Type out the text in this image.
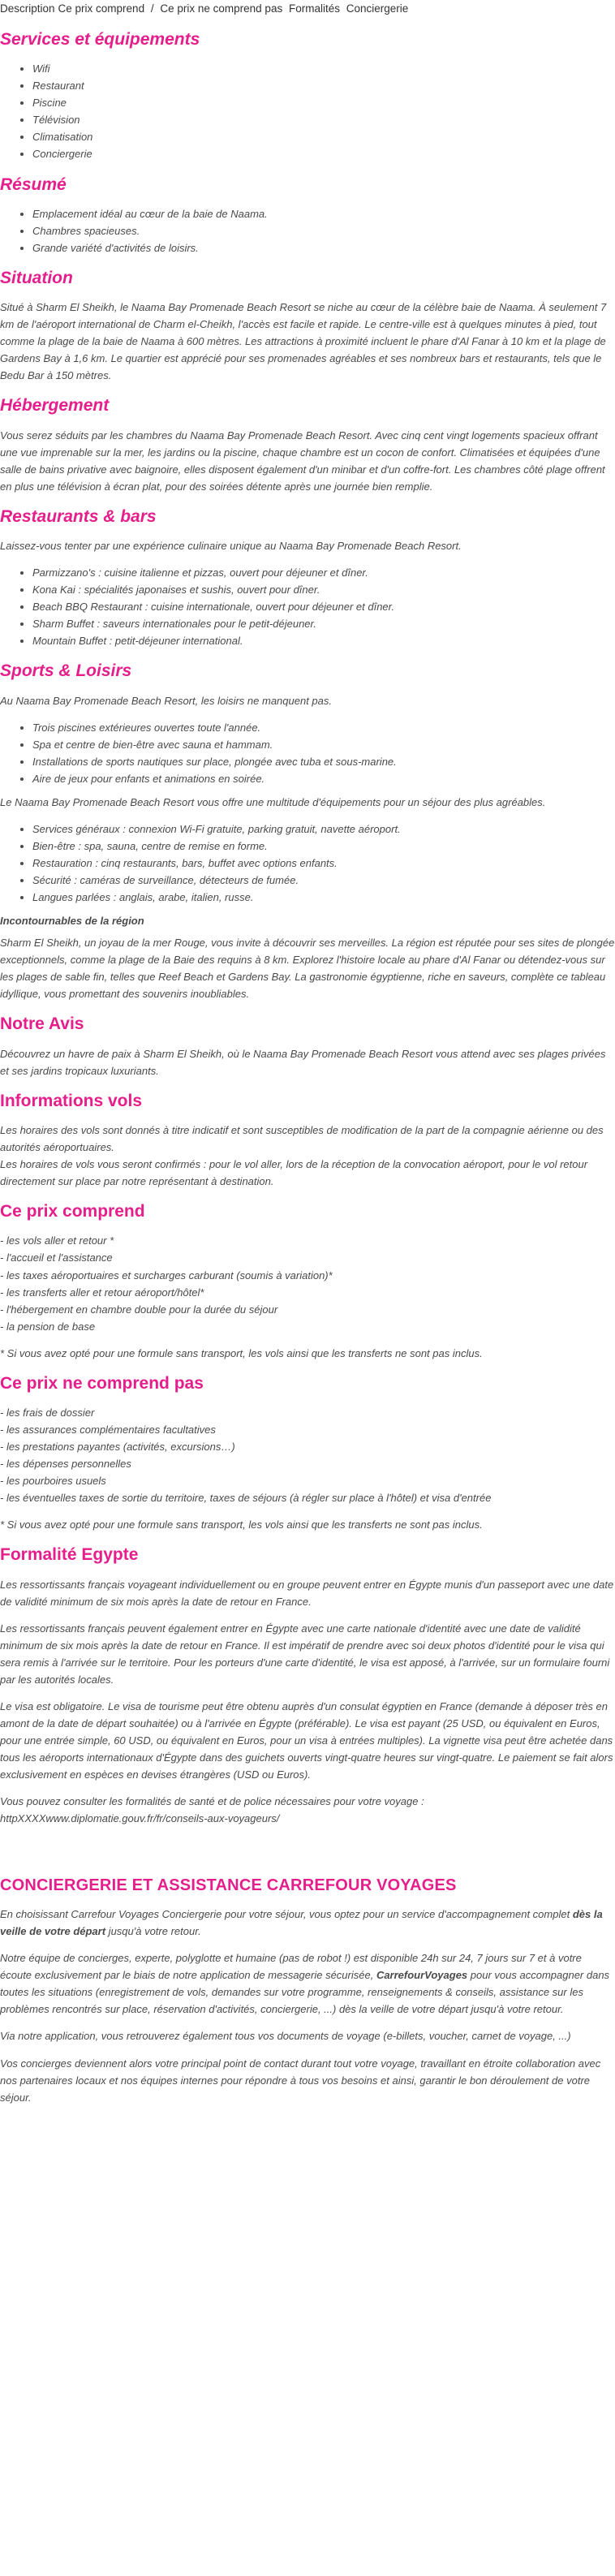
Description Ce prix comprend / Ce prix ne comprend pas Formalités Conciergerie
Services et équipements
• Wifi
• Restaurant
• Piscine
• Télévision
• Climatisation
• Conciergerie
Résumé
• Emplacement idéal au cœur de la baie de Naama.
• Chambres spacieuses.
• Grande variété d'activités de loisirs.
Situation

Situé à Sharm El Sheikh, le Naama Bay Promenade Beach Resort se niche au cœur de la célèbre baie de Naama. À seulement 7 km de l'aéroport international de Charm el-Cheikh, l'accès est facile et rapide. Le centre-ville est à quelques minutes à pied, tout comme la plage de la baie de Naama à 600 mètres. Les attractions à proximité incluent le phare d'Al Fanar à 10 km et la plage de Gardens Bay à 1,6 km. Le quartier est apprécié pour ses promenades agréables et ses nombreux bars et restaurants, tels que le Bedu Bar à 150 mètres.

Hébergement

Vous serez séduits par les chambres du Naama Bay Promenade Beach Resort. Avec cinq cent vingt logements spacieux offrant une vue imprenable sur la mer, les jardins ou la piscine, chaque chambre est un cocon de confort. Climatisées et équipées d'une salle de bains privative avec baignoire, elles disposent également d'un minibar et d'un coffre-fort. Les chambres côté plage offrent en plus une télévision à écran plat, pour des soirées détente après une journée bien remplie.

Restaurants & bars

Laissez-vous tenter par une expérience culinaire unique au Naama Bay Promenade Beach Resort.

• Parmizzano's : cuisine italienne et pizzas, ouvert pour déjeuner et dîner.
• Kona Kai : spécialités japonaises et sushis, ouvert pour dîner.
• Beach BBQ Restaurant : cuisine internationale, ouvert pour déjeuner et dîner.
• Sharm Buffet : saveurs internationales pour le petit-déjeuner.
• Mountain Buffet : petit-déjeuner international.
Sports & Loisirs

Au Naama Bay Promenade Beach Resort, les loisirs ne manquent pas.

• Trois piscines extérieures ouvertes toute l'année.
• Spa et centre de bien-être avec sauna et hammam.
• Installations de sports nautiques sur place, plongée avec tuba et sous-marine.
• Aire de jeux pour enfants et animations en soirée.

Le Naama Bay Promenade Beach Resort vous offre une multitude d'équipements pour un séjour des plus agréables.

• Services généraux : connexion Wi-Fi gratuite, parking gratuit, navette aéroport.
• Bien-être : spa, sauna, centre de remise en forme.
• Restauration : cinq restaurants, bars, buffet avec options enfants.
• Sécurité : caméras de surveillance, détecteurs de fumée.
• Langues parlées : anglais, arabe, italien, russe.
Incontournables de la région

Sharm El Sheikh, un joyau de la mer Rouge, vous invite à découvrir ses merveilles. La région est réputée pour ses sites de plongée exceptionnels, comme la plage de la Baie des requins à 8 km. Explorez l'histoire locale au phare d'Al Fanar ou détendez-vous sur les plages de sable fin, telles que Reef Beach et Gardens Bay. La gastronomie égyptienne, riche en saveurs, complète ce tableau idyllique, vous promettant des souvenirs inoubliables.

Notre Avis

Découvrez un havre de paix à Sharm El Sheikh, où le Naama Bay Promenade Beach Resort vous attend avec ses plages privées et ses jardins tropicaux luxuriants.

Informations vols

Les horaires des vols sont donnés à titre indicatif et sont susceptibles de modification de la part de la compagnie aérienne ou des autorités aéroportuaires.
Les horaires de vols vous seront confirmés : pour le vol aller, lors de la réception de la convocation aéroport, pour le vol retour directement sur place par notre représentant à destination.

Ce prix comprend
- les vols aller et retour *
- l'accueil et l'assistance
- les taxes aéroportuaires et surcharges carburant (soumis à variation)*
- les transferts aller et retour aéroport/hôtel*
- l'hébergement en chambre double pour la durée du séjour
- la pension de base
* Si vous avez opté pour une formule sans transport, les vols ainsi que les transferts ne sont pas inclus.
Ce prix ne comprend pas
- les frais de dossier
- les assurances complémentaires facultatives
- les prestations payantes (activités, excursions…)
- les dépenses personnelles
- les pourboires usuels
- les éventuelles taxes de sortie du territoire, taxes de séjours (à régler sur place à l'hôtel) et visa d'entrée
* Si vous avez opté pour une formule sans transport, les vols ainsi que les transferts ne sont pas inclus.
Formalité Egypte

Les ressortissants français voyageant individuellement ou en groupe peuvent entrer en Égypte munis d'un passeport avec une date de validité minimum de six mois après la date de retour en France.

Les ressortissants français peuvent également entrer en Égypte avec une carte nationale d'identité avec une date de validité minimum de six mois après la date de retour en France. Il est impératif de prendre avec soi deux photos d'identité pour le visa qui sera remis à l'arrivée sur le territoire. Pour les porteurs d'une carte d'identité, le visa est apposé, à l'arrivée, sur un formulaire fourni par les autorités locales.

Le visa est obligatoire. Le visa de tourisme peut être obtenu auprès d'un consulat égyptien en France (demande à déposer très en amont de la date de départ souhaitée) ou à l'arrivée en Égypte (préférable). Le visa est payant (25 USD, ou équivalent en Euros, pour une entrée simple, 60 USD, ou équivalent en Euros, pour un visa à entrées multiples). La vignette visa peut être achetée dans tous les aéroports internationaux d'Égypte dans des guichets ouverts vingt-quatre heures sur vingt-quatre. Le paiement se fait alors exclusivement en espèces en devises étrangères (USD ou Euros).

Vous pouvez consulter les formalités de santé et de police nécessaires pour votre voyage :
httpXXXXwww.diplomatie.gouv.fr/fr/conseils-aux-voyageurs/

CONCIERGERIE ET ASSISTANCE CARREFOUR VOYAGES

En choisissant Carrefour Voyages Conciergerie pour votre séjour, vous optez pour un service d'accompagnement complet dès la veille de votre départ jusqu'à votre retour.

Notre équipe de concierges, experte, polyglotte et humaine (pas de robot !) est disponible 24h sur 24, 7 jours sur 7 et à votre écoute exclusivement par le biais de notre application de messagerie sécurisée, CarrefourVoyages pour vous accompagner dans toutes les situations (enregistrement de vols, demandes sur votre programme, renseignements & conseils, assistance sur les problèmes rencontrés sur place, réservation d'activités, conciergerie, ...) dès la veille de votre départ jusqu'à votre retour.

Via notre application, vous retrouverez également tous vos documents de voyage (e-billets, voucher, carnet de voyage, ...)

Vos concierges deviennent alors votre principal point de contact durant tout votre voyage, travaillant en étroite collaboration avec nos partenaires locaux et nos équipes internes pour répondre à tous vos besoins et ainsi, garantir le bon déroulement de votre séjour.
